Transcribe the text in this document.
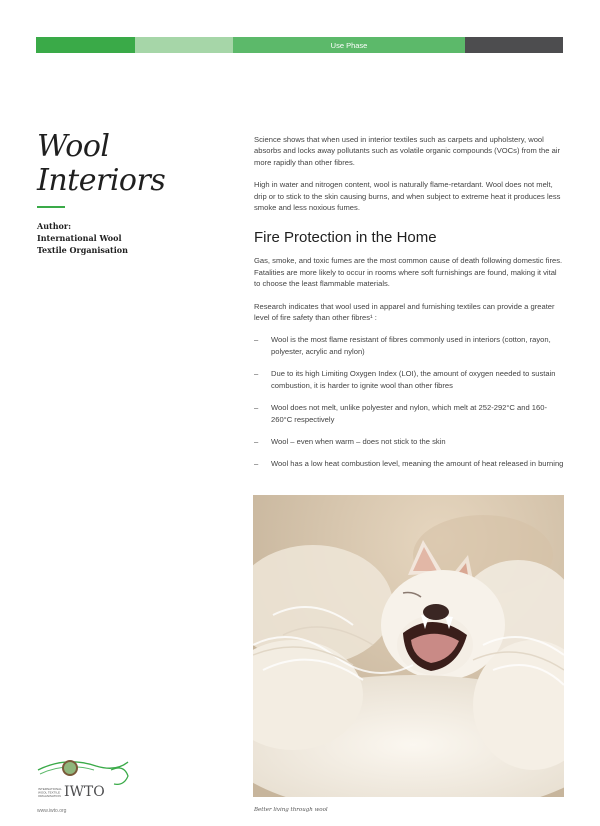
Use Phase
Wool
Interiors
Author:
International Wool
Textile Organisation

Science shows that when used in interior textiles such as carpets and upholstery, wool absorbs and locks away pollutants such as volatile organic compounds (VOCs) from the air more rapidly than other fibres.

High in water and nitrogen content, wool is naturally flame-retardant. Wool does not melt, drip or to stick to the skin causing burns, and when subject to extreme heat it produces less smoke and less noxious fumes.

Fire Protection in the Home

Gas, smoke, and toxic fumes are the most common cause of death following domestic fires. Fatalities are more likely to occur in rooms where soft furnishings are found, making it vital to choose the least flammable materials.

Research indicates that wool used in apparel and furnishing textiles can provide a greater level of fire safety than other fibres¹ :

– Wool is the most flame resistant of fibres commonly used in interiors (cotton, rayon, polyester, acrylic and nylon)
– Due to its high Limiting Oxygen Index (LOI), the amount of oxygen needed to sustain combustion, it is harder to ignite wool than other fibres
– Wool does not melt, unlike polyester and nylon, which melt at 252-292°C and 160-260°C respectively
– Wool – even when warm – does not stick to the skin
– Wool has a low heat combustion level, meaning the amount of heat released in burning
INTERNATIONAL
WOOL TEXTILE
ORGANISATION IWTO
www.iwto.org	Better living through wool
